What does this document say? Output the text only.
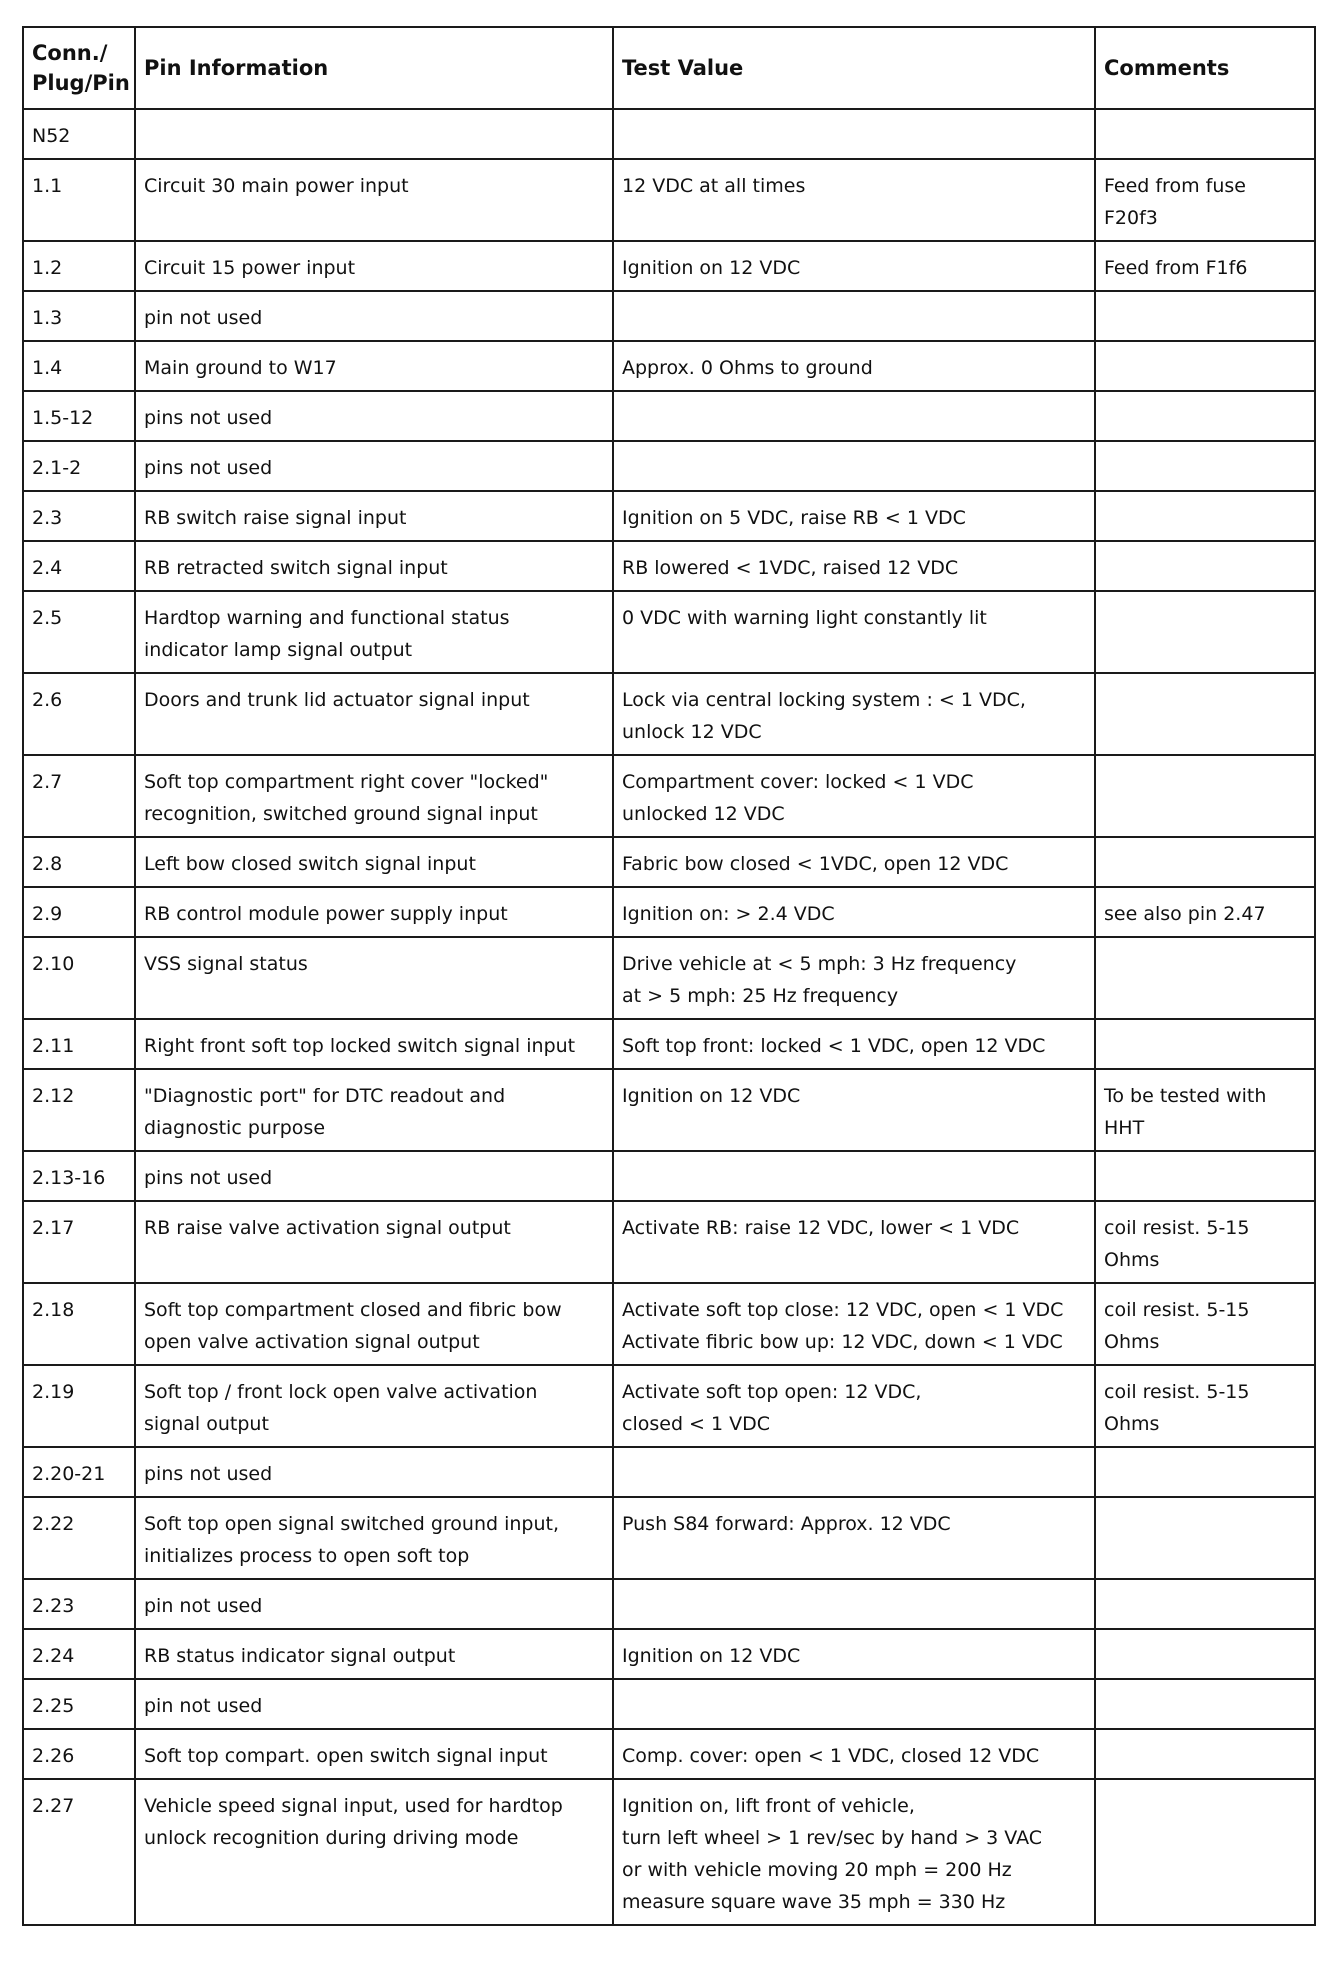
Conn./
Plug/Pin	Pin Information	Test Value	Comments
N52			
1.1	Circuit 30 main power input	12 VDC at all times	Feed from fuse
F20f3
1.2	Circuit 15 power input	Ignition on 12 VDC	Feed from F1f6
1.3	pin not used		
1.4	Main ground to W17	Approx. 0 Ohms to ground	
1.5-12	pins not used		
2.1-2	pins not used		
2.3	RB switch raise signal input	Ignition on 5 VDC, raise RB < 1 VDC	
2.4	RB retracted switch signal input	RB lowered < 1VDC, raised 12 VDC	
2.5	Hardtop warning and functional status
indicator lamp signal output	0 VDC with warning light constantly lit	
2.6	Doors and trunk lid actuator signal input	Lock via central locking system : < 1 VDC,
unlock 12 VDC	
2.7	Soft top compartment right cover "locked"
recognition, switched ground signal input	Compartment cover: locked < 1 VDC
unlocked 12 VDC	
2.8	Left bow closed switch signal input	Fabric bow closed < 1VDC, open 12 VDC	
2.9	RB control module power supply input	Ignition on: > 2.4 VDC	see also pin 2.47
2.10	VSS signal status	Drive vehicle at < 5 mph: 3 Hz frequency
at > 5 mph: 25 Hz frequency	
2.11	Right front soft top locked switch signal input	Soft top front: locked < 1 VDC, open 12 VDC	
2.12	"Diagnostic port" for DTC readout and
diagnostic purpose	Ignition on 12 VDC	To be tested with
HHT
2.13-16	pins not used		
2.17	RB raise valve activation signal output	Activate RB: raise 12 VDC, lower < 1 VDC	coil resist. 5-15 Ohms
2.18	Soft top compartment closed and fibric bow
open valve activation signal output	Activate soft top close: 12 VDC, open < 1 VDC
Activate fibric bow up: 12 VDC, down < 1 VDC	coil resist. 5-15 Ohms
2.19	Soft top / front lock open valve activation
signal output	Activate soft top open: 12 VDC,
closed < 1 VDC	coil resist. 5-15 Ohms
2.20-21	pins not used		
2.22	Soft top open signal switched ground input,
initializes process to open soft top	Push S84 forward: Approx. 12 VDC	
2.23	pin not used		
2.24	RB status indicator signal output	Ignition on 12 VDC	
2.25	pin not used		
2.26	Soft top compart. open switch signal input	Comp. cover: open < 1 VDC, closed 12 VDC	
2.27	Vehicle speed signal input, used for hardtop
unlock recognition during driving mode	Ignition on, lift front of vehicle,
turn left wheel > 1 rev/sec by hand > 3 VAC
or with vehicle moving 20 mph = 200 Hz
measure square wave 35 mph = 330 Hz	
